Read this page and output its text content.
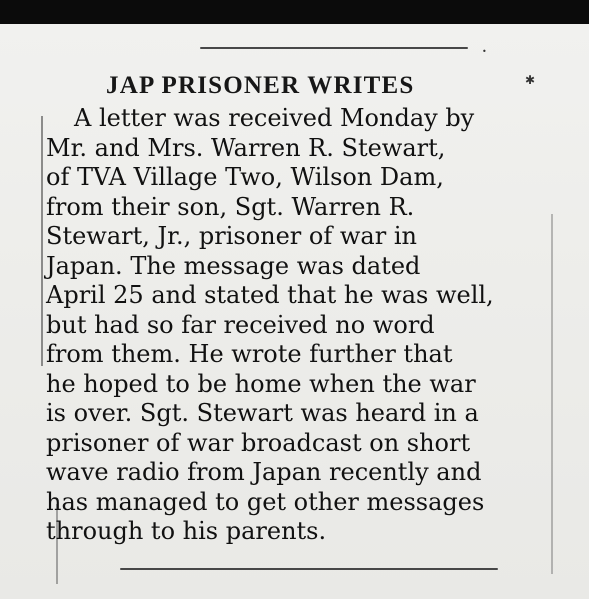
✱
•
JAP PRISONER WRITES
A letter was received Monday by
Mr. and Mrs. Warren R. Stewart,
of TVA Village Two, Wilson Dam,
from their son, Sgt. Warren R.
Stewart, Jr., prisoner of war in
Japan. The message was dated
April 25 and stated that he was well,
but had so far received no word
from them. He wrote further that
he hoped to be home when the war
is over. Sgt. Stewart was heard in a
prisoner of war broadcast on short
wave radio from Japan recently and
has managed to get other messages
through to his parents.
